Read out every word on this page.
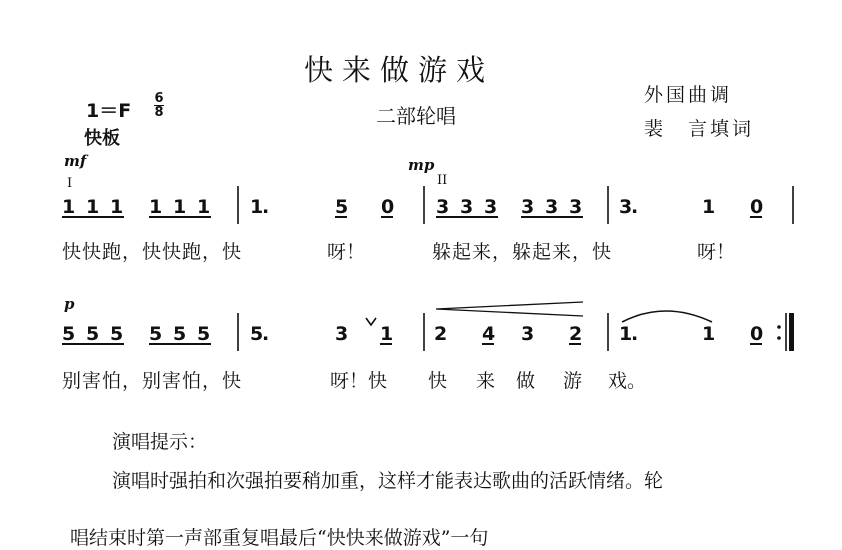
快来做游戏
二部轮唱
外国曲调
裴　言填词
1＝F
6
8
快板
mf
I
mp
II
p
1 1 1 1 1 1 1
.	5 0 3 3 3 3 3 3 3
.	1 0
5 5 5 5 5 5 5
.	3 1 2 4 3 2 1
.	1 0
快快跑，快快跑，快	呀！	躲起来，躲起来，快	呀！
别害怕，别害怕，快	呀！快 快 来 做 游 戏。
演唱提示：
演唱时强拍和次强拍要稍加重，这样才能表达歌曲的活跃情绪。轮
唱结束时第一声部重复唱最后“快快来做游戏”一句
